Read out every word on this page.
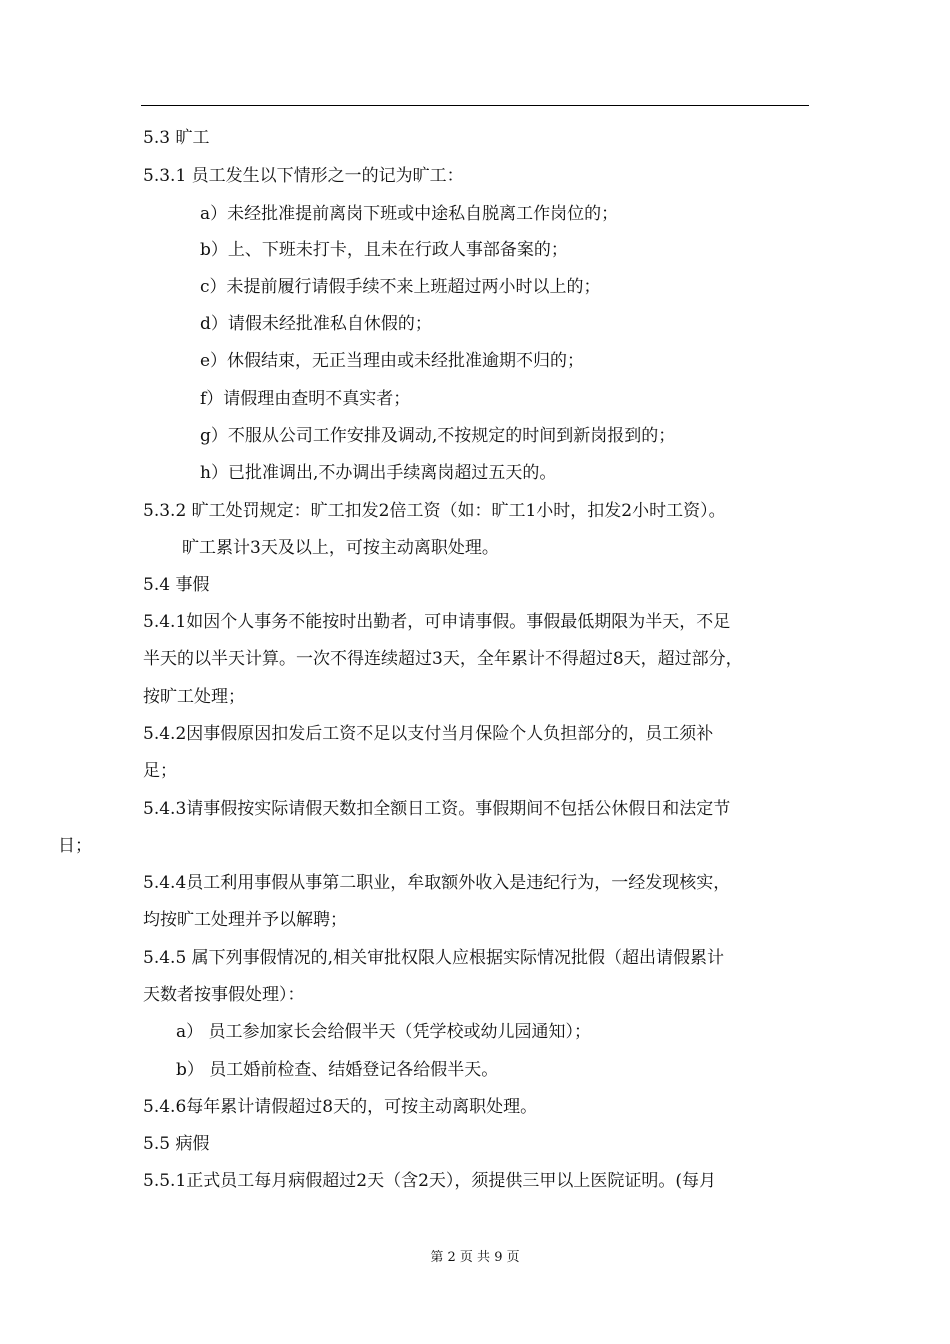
5.3 旷工
5.3.1 员工发生以下情形之一的记为旷工：
a）未经批准提前离岗下班或中途私自脱离工作岗位的；
b）上、下班未打卡，且未在行政人事部备案的；
c）未提前履行请假手续不来上班超过两小时以上的；
d）请假未经批准私自休假的；
e）休假结束，无正当理由或未经批准逾期不归的；
f）请假理由查明不真实者；
g）不服从公司工作安排及调动,不按规定的时间到新岗报到的；
h）已批准调出,不办调出手续离岗超过五天的。
5.3.2 旷工处罚规定：旷工扣发2倍工资（如：旷工1小时，扣发2小时工资）。
旷工累计3天及以上，可按主动离职处理。
5.4 事假
5.4.1如因个人事务不能按时出勤者，可申请事假。事假最低期限为半天，不足
半天的以半天计算。一次不得连续超过3天，全年累计不得超过8天，超过部分，
按旷工处理；
5.4.2因事假原因扣发后工资不足以支付当月保险个人负担部分的，员工须补
足；
5.4.3请事假按实际请假天数扣全额日工资。事假期间不包括公休假日和法定节
日；
5.4.4员工利用事假从事第二职业，牟取额外收入是违纪行为，一经发现核实，
均按旷工处理并予以解聘；
5.4.5 属下列事假情况的,相关审批权限人应根据实际情况批假（超出请假累计
天数者按事假处理）：
a） 员工参加家长会给假半天（凭学校或幼儿园通知）；
b） 员工婚前检查、结婚登记各给假半天。
5.4.6每年累计请假超过8天的，可按主动离职处理。
5.5 病假
5.5.1正式员工每月病假超过2天（含2天），须提供三甲以上医院证明。(每月
第 2 页 共 9 页
